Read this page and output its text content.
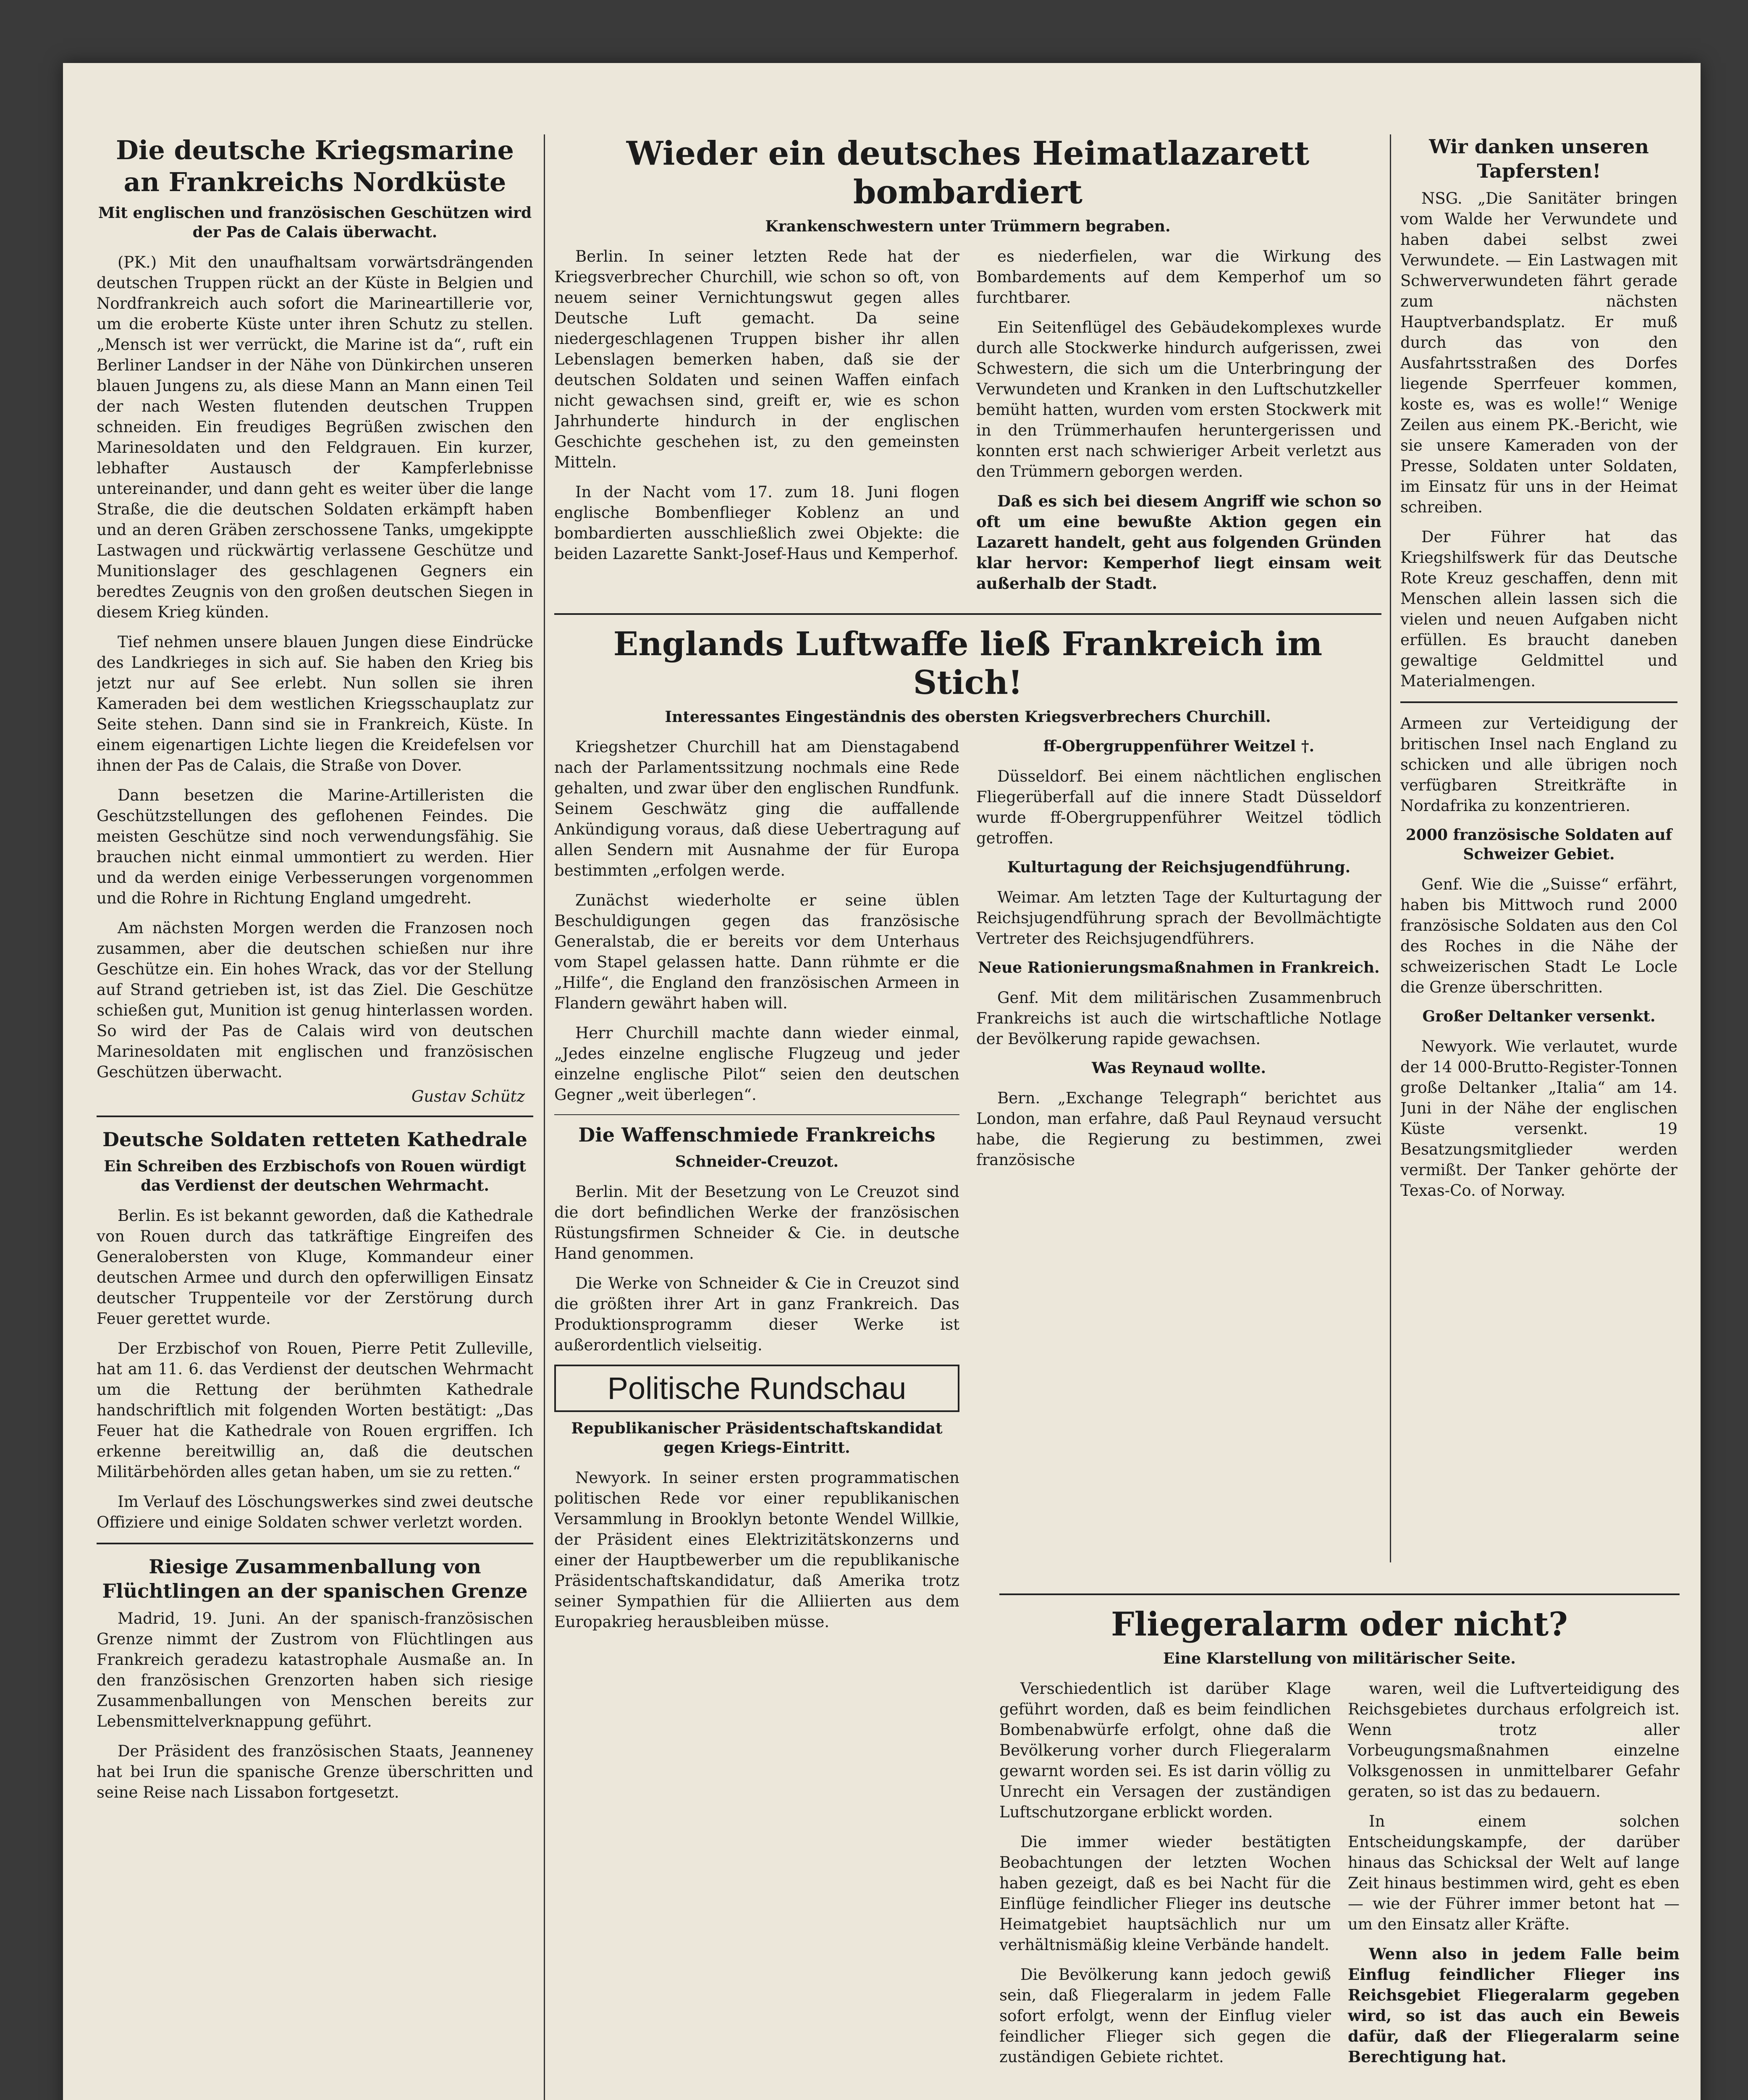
Die deutsche Kriegsmarine an Frankreichs Nordküste
Mit englischen und französischen Geschützen wird der Pas de Calais überwacht.

(PK.) Mit den unaufhaltsam vorwärtsdrängenden deutschen Truppen rückt an der Küste in Belgien und Nordfrankreich auch sofort die Marineartillerie vor, um die eroberte Küste unter ihren Schutz zu stellen. „Mensch ist wer verrückt, die Marine ist da“, ruft ein Berliner Landser in der Nähe von Dünkirchen unseren blauen Jungens zu, als diese Mann an Mann einen Teil der nach Westen flutenden deutschen Truppen schneiden. Ein freudiges Begrüßen zwischen den Marinesoldaten und den Feldgrauen. Ein kurzer, lebhafter Austausch der Kampferlebnisse untereinander, und dann geht es weiter über die lange Straße, die die deutschen Soldaten erkämpft haben und an deren Gräben zerschossene Tanks, umgekippte Lastwagen und rückwärtig verlassene Geschütze und Munitionslager des geschlagenen Gegners ein beredtes Zeugnis von den großen deutschen Siegen in diesem Krieg künden.

Tief nehmen unsere blauen Jungen diese Eindrücke des Landkrieges in sich auf. Sie haben den Krieg bis jetzt nur auf See erlebt. Nun sollen sie ihren Kameraden bei dem westlichen Kriegsschauplatz zur Seite stehen. Dann sind sie in Frankreich, Küste. In einem eigenartigen Lichte liegen die Kreidefelsen vor ihnen der Pas de Calais, die Straße von Dover.

Dann besetzen die Marine-Artilleristen die Geschützstellungen des geflohenen Feindes. Die meisten Geschütze sind noch verwendungsfähig. Sie brauchen nicht einmal ummontiert zu werden. Hier und da werden einige Verbesserungen vorgenommen und die Rohre in Richtung England umgedreht.

Am nächsten Morgen werden die Franzosen noch zusammen, aber die deutschen schießen nur ihre Geschütze ein. Ein hohes Wrack, das vor der Stellung auf Strand getrieben ist, ist das Ziel. Die Geschütze schießen gut, Munition ist genug hinterlassen worden. So wird der Pas de Calais wird von deutschen Marinesoldaten mit englischen und französischen Geschützen überwacht.

Gustav Schütz
Deutsche Soldaten retteten Kathedrale
Ein Schreiben des Erzbischofs von Rouen würdigt das Verdienst der deutschen Wehrmacht.

Berlin. Es ist bekannt geworden, daß die Kathedrale von Rouen durch das tatkräftige Eingreifen des Generalobersten von Kluge, Kommandeur einer deutschen Armee und durch den opferwilligen Einsatz deutscher Truppenteile vor der Zerstörung durch Feuer gerettet wurde.

Der Erzbischof von Rouen, Pierre Petit Zulleville, hat am 11. 6. das Verdienst der deutschen Wehrmacht um die Rettung der berühmten Kathedrale handschriftlich mit folgenden Worten bestätigt: „Das Feuer hat die Kathedrale von Rouen ergriffen. Ich erkenne bereitwillig an, daß die deutschen Militärbehörden alles getan haben, um sie zu retten.“

Im Verlauf des Löschungswerkes sind zwei deutsche Offiziere und einige Soldaten schwer verletzt worden.

Riesige Zusammenballung von Flüchtlingen an der spanischen Grenze

Madrid, 19. Juni. An der spanisch-französischen Grenze nimmt der Zustrom von Flüchtlingen aus Frankreich geradezu katastrophale Ausmaße an. In den französischen Grenzorten haben sich riesige Zusammenballungen von Menschen bereits zur Lebensmittelverknappung geführt.

Der Präsident des französischen Staats, Jeanneney hat bei Irun die spanische Grenze überschritten und seine Reise nach Lissabon fortgesetzt.

Wieder ein deutsches Heimatlazarett bombardiert
Krankenschwestern unter Trümmern begraben.

Berlin. In seiner letzten Rede hat der Kriegsverbrecher Churchill, wie schon so oft, von neuem seiner Vernichtungswut gegen alles Deutsche Luft gemacht. Da seine niedergeschlagenen Truppen bisher ihr allen Lebenslagen bemerken haben, daß sie der deutschen Soldaten und seinen Waffen einfach nicht gewachsen sind, greift er, wie es schon Jahrhunderte hindurch in der englischen Geschichte geschehen ist, zu den gemeinsten Mitteln.

In der Nacht vom 17. zum 18. Juni flogen englische Bombenflieger Koblenz an und bombardierten ausschließlich zwei Objekte: die beiden Lazarette Sankt-Josef-Haus und Kemperhof.

es niederfielen, war die Wirkung des Bombardements auf dem Kemperhof um so furchtbarer.

Ein Seitenflügel des Gebäudekomplexes wurde durch alle Stockwerke hindurch aufgerissen, zwei Schwestern, die sich um die Unterbringung der Verwundeten und Kranken in den Luftschutzkeller bemüht hatten, wurden vom ersten Stockwerk mit in den Trümmerhaufen heruntergerissen und konnten erst nach schwieriger Arbeit verletzt aus den Trümmern geborgen werden.

Daß es sich bei diesem Angriff wie schon so oft um eine bewußte Aktion gegen ein Lazarett handelt, geht aus folgenden Gründen klar hervor: Kemperhof liegt einsam weit außerhalb der Stadt.

Englands Luftwaffe ließ Frankreich im Stich!
Interessantes Eingeständnis des obersten Kriegsverbrechers Churchill.

Kriegshetzer Churchill hat am Dienstagabend nach der Parlamentssitzung nochmals eine Rede gehalten, und zwar über den englischen Rundfunk. Seinem Geschwätz ging die auffallende Ankündigung voraus, daß diese Uebertragung auf allen Sendern mit Ausnahme der für Europa bestimmten „erfolgen werde.

Zunächst wiederholte er seine üblen Beschuldigungen gegen das französische Generalstab, die er bereits vor dem Unterhaus vom Stapel gelassen hatte. Dann rühmte er die „Hilfe“, die England den französischen Armeen in Flandern gewährt haben will.

Herr Churchill machte dann wieder einmal, „Jedes einzelne englische Flugzeug und jeder einzelne englische Pilot“ seien den deutschen Gegner „weit überlegen“.

Die Waffenschmiede Frankreichs
Schneider-Creuzot.

Berlin. Mit der Besetzung von Le Creuzot sind die dort befindlichen Werke der französischen Rüstungsfirmen Schneider & Cie. in deutsche Hand genommen.

Die Werke von Schneider & Cie in Creuzot sind die größten ihrer Art in ganz Frankreich. Das Produktionsprogramm dieser Werke ist außerordentlich vielseitig.

Politische Rundschau
Republikanischer Präsidentschaftskandidat gegen Kriegs-Eintritt.

Newyork. In seiner ersten programmatischen politischen Rede vor einer republikanischen Versammlung in Brooklyn betonte Wendel Willkie, der Präsident eines Elektrizitätskonzerns und einer der Hauptbewerber um die republikanische Präsidentschaftskandidatur, daß Amerika trotz seiner Sympathien für die Alliierten aus dem Europakrieg herausbleiben müsse.

ff-Obergruppenführer Weitzel †.

Düsseldorf. Bei einem nächtlichen englischen Fliegerüberfall auf die innere Stadt Düsseldorf wurde ff-Obergruppenführer Weitzel tödlich getroffen.

Kulturtagung der Reichsjugendführung.

Weimar. Am letzten Tage der Kulturtagung der Reichsjugendführung sprach der Bevollmächtigte Vertreter des Reichsjugendführers.

Neue Rationierungsmaßnahmen in Frankreich.

Genf. Mit dem militärischen Zusammenbruch Frankreichs ist auch die wirtschaftliche Notlage der Bevölkerung rapide gewachsen.

Was Reynaud wollte.

Bern. „Exchange Telegraph“ berichtet aus London, man erfahre, daß Paul Reynaud versucht habe, die Regierung zu bestimmen, zwei französische

Wir danken unseren Tapfersten!

NSG. „Die Sanitäter bringen vom Walde her Verwundete und haben dabei selbst zwei Verwundete. — Ein Lastwagen mit Schwerverwundeten fährt gerade zum nächsten Hauptverbandsplatz. Er muß durch das von den Ausfahrtsstraßen des Dorfes liegende Sperrfeuer kommen, koste es, was es wolle!“ Wenige Zeilen aus einem PK.-Bericht, wie sie unsere Kameraden von der Presse, Soldaten unter Soldaten, im Einsatz für uns in der Heimat schreiben.

Der Führer hat das Kriegshilfswerk für das Deutsche Rote Kreuz geschaffen, denn mit Menschen allein lassen sich die vielen und neuen Aufgaben nicht erfüllen. Es braucht daneben gewaltige Geldmittel und Materialmengen.

Armeen zur Verteidigung der britischen Insel nach England zu schicken und alle übrigen noch verfügbaren Streitkräfte in Nordafrika zu konzentrieren.

2000 französische Soldaten auf Schweizer Gebiet.

Genf. Wie die „Suisse“ erfährt, haben bis Mittwoch rund 2000 französische Soldaten aus den Col des Roches in die Nähe der schweizerischen Stadt Le Locle die Grenze überschritten.

Großer Deltanker versenkt.

Newyork. Wie verlautet, wurde der 14 000-Brutto-Register-Tonnen große Deltanker „Italia“ am 14. Juni in der Nähe der englischen Küste versenkt. 19 Besatzungsmitglieder werden vermißt. Der Tanker gehörte der Texas-Co. of Norway.

Fliegeralarm oder nicht?
Eine Klarstellung von militärischer Seite.

Verschiedentlich ist darüber Klage geführt worden, daß es beim feindlichen Bombenabwürfe erfolgt, ohne daß die Bevölkerung vorher durch Fliegeralarm gewarnt worden sei. Es ist darin völlig zu Unrecht ein Versagen der zuständigen Luftschutzorgane erblickt worden.

Die immer wieder bestätigten Beobachtungen der letzten Wochen haben gezeigt, daß es bei Nacht für die Einflüge feindlicher Flieger ins deutsche Heimatgebiet hauptsächlich nur um verhältnismäßig kleine Verbände handelt.

Die Bevölkerung kann jedoch gewiß sein, daß Fliegeralarm in jedem Falle sofort erfolgt, wenn der Einflug vieler feindlicher Flieger sich gegen die zuständigen Gebiete richtet.

waren, weil die Luftverteidigung des Reichsgebietes durchaus erfolgreich ist. Wenn trotz aller Vorbeugungsmaßnahmen einzelne Volksgenossen in unmittelbarer Gefahr geraten, so ist das zu bedauern.

In einem solchen Entscheidungskampfe, der darüber hinaus das Schicksal der Welt auf lange Zeit hinaus bestimmen wird, geht es eben — wie der Führer immer betont hat — um den Einsatz aller Kräfte.

Wenn also in jedem Falle beim Einflug feindlicher Flieger ins Reichsgebiet Fliegeralarm gegeben wird, so ist das auch ein Beweis dafür, daß der Fliegeralarm seine Berechtigung hat.
